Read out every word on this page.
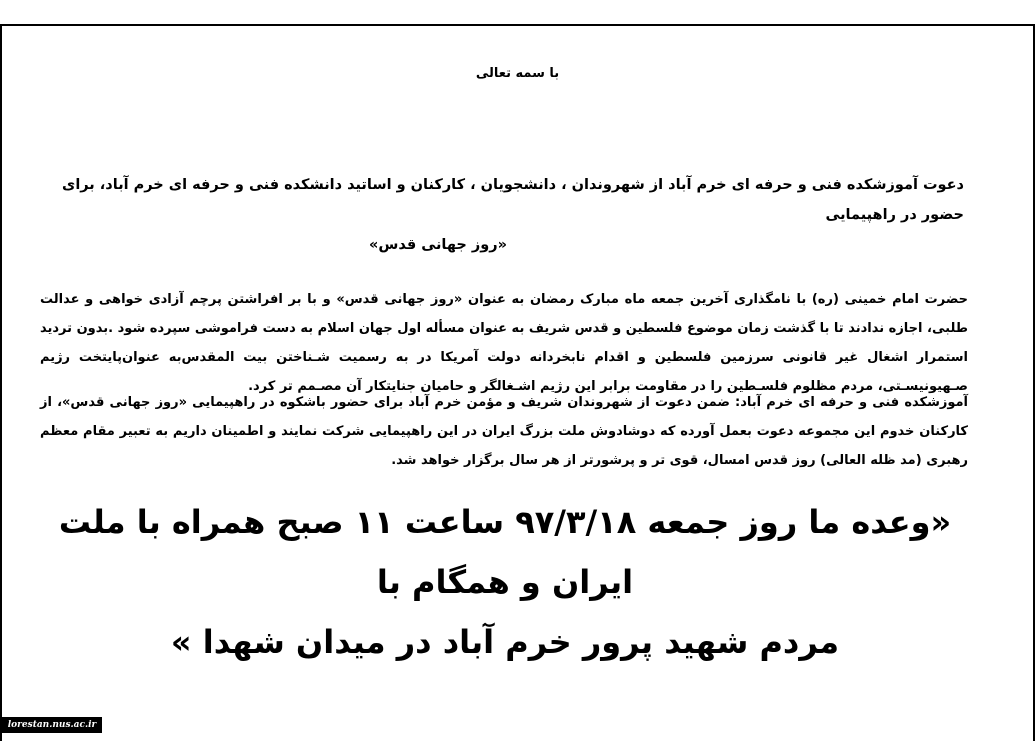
با سمه تعالی
دعوت آموزشکده فنی و حرفه ای خرم آباد از شهروندان ، دانشجویان ، کارکنان و اساتید دانشکده فنی و حرفه ای خرم آباد، برای حضور در راهپیمایی
«روز جهانی قدس»
حضرت امام خمینی (ره) با نامگذاری آخرین جمعه ماه مبارک رمضان به عنوان «روز جهانی قدس» و با بر افراشتن پرچم آزادی خواهی و عدالت طلبی، اجازه ندادند تا با گذشت زمان موضوع فلسطین و قدس شریف به عنوان مسأله اول جهان اسلام به دست فراموشی سپرده شود .بدون تردید استمرار اشغال غیر قانونی سرزمین فلسطین و اقدام نابخردانه دولت آمریکا در به رسمیت شـناختن بیت المقدس‌به عنوان‌پایتخت رژیم صـهیونیسـتی، مردم مظلوم فلسـطین را در مقاومت برابر این رژیم اشـغالگر و حامیان جنایتکار آن مصـمم تر کرد.
آموزشکده فنی و حرفه ای خرم آباد: ضمن دعوت از شهروندان شریف و مؤمن خرم آباد برای حضور باشکوه در راهپیمایی «روز جهانی قدس»، از کارکنان خدوم این مجموعه دعوت بعمل آورده که دوشادوش ملت بزرگ ایران در این راهپیمایی شرکت نمایند و اطمینان داریم به تعبیر مقام معظم رهبری (مد ظله العالی) روز قدس امسال، قوی تر و پرشورتر از هر سال برگزار خواهد شد.
«وعده ما روز جمعه ۹۷/۳/۱۸ ساعت ۱۱ صبح همراه با ملت ایران و همگام با
مردم شهید پرور خرم آباد در میدان شهدا »
lorestan.nus.ac.ir
